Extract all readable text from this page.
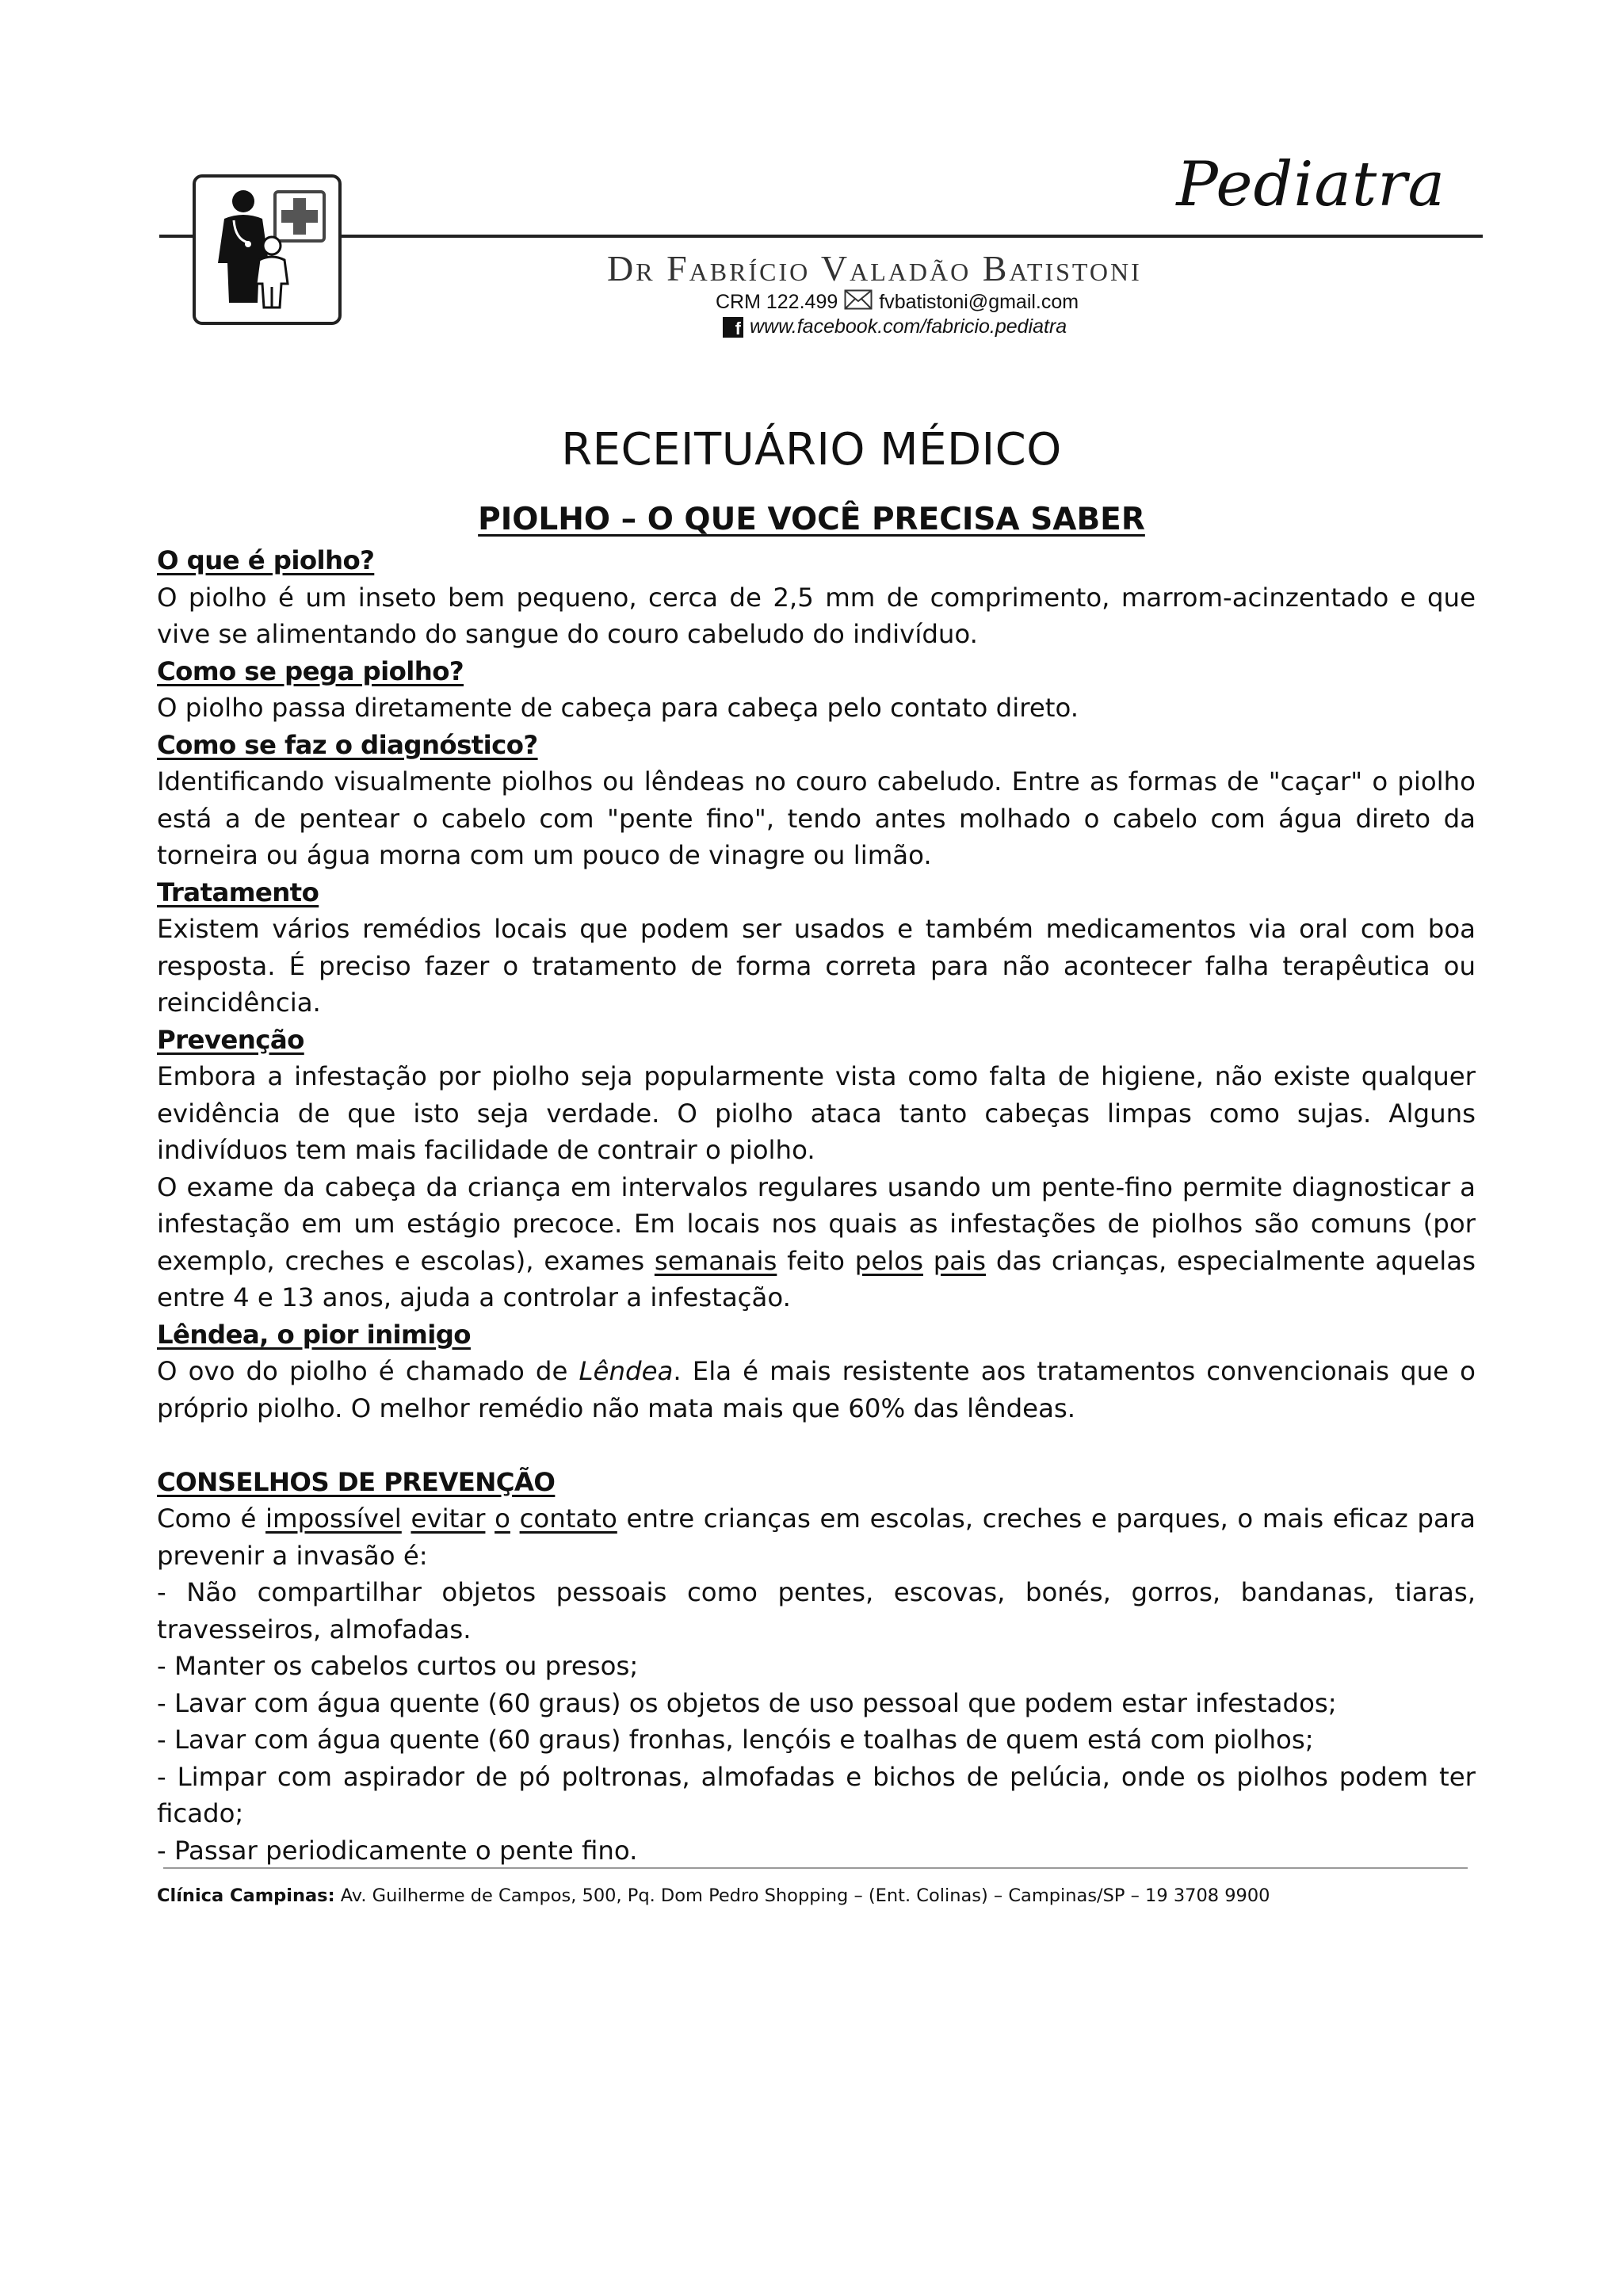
Pediatra
Dr Fabrício Valadão Batistoni
CRM 122.499 fvbatistoni@gmail.com
f www.facebook.com/fabricio.pediatra
RECEITUÁRIO MÉDICO
PIOLHO – O QUE VOCÊ PRECISA SABER

O que é piolho?

O piolho é um inseto bem pequeno, cerca de 2,5 mm de comprimento, marrom-acinzentado e que vive se alimentando do sangue do couro cabeludo do indivíduo.

Como se pega piolho?

O piolho passa diretamente de cabeça para cabeça pelo contato direto.

Como se faz o diagnóstico?

Identificando visualmente piolhos ou lêndeas no couro cabeludo. Entre as formas de "caçar" o piolho está a de pentear o cabelo com "pente fino", tendo antes molhado o cabelo com água direto da torneira ou água morna com um pouco de vinagre ou limão.

Tratamento

Existem vários remédios locais que podem ser usados e também medicamentos via oral com boa resposta. É preciso fazer o tratamento de forma correta para não acontecer falha terapêutica ou reincidência.

Prevenção

Embora a infestação por piolho seja popularmente vista como falta de higiene, não existe qualquer evidência de que isto seja verdade. O piolho ataca tanto cabeças limpas como sujas. Alguns indivíduos tem mais facilidade de contrair o piolho.

O exame da cabeça da criança em intervalos regulares usando um pente-fino permite diagnosticar a infestação em um estágio precoce. Em locais nos quais as infestações de piolhos são comuns (por exemplo, creches e escolas), exames semanais feito pelos pais das crianças, especialmente aquelas entre 4 e 13 anos, ajuda a controlar a infestação.

Lêndea, o pior inimigo

O ovo do piolho é chamado de Lêndea. Ela é mais resistente aos tratamentos convencionais que o próprio piolho. O melhor remédio não mata mais que 60% das lêndeas.

CONSELHOS DE PREVENÇÃO

Como é impossível evitar o contato entre crianças em escolas, creches e parques, o mais eficaz para prevenir a invasão é:

- Não compartilhar objetos pessoais como pentes, escovas, bonés, gorros, bandanas, tiaras, travesseiros, almofadas.

- Manter os cabelos curtos ou presos;

- Lavar com água quente (60 graus) os objetos de uso pessoal que podem estar infestados;

- Lavar com água quente (60 graus) fronhas, lençóis e toalhas de quem está com piolhos;

- Limpar com aspirador de pó poltronas, almofadas e bichos de pelúcia, onde os piolhos podem ter ficado;

- Passar periodicamente o pente fino.

Clínica Campinas: Av. Guilherme de Campos, 500, Pq. Dom Pedro Shopping – (Ent. Colinas) – Campinas/SP – 19 3708 9900
